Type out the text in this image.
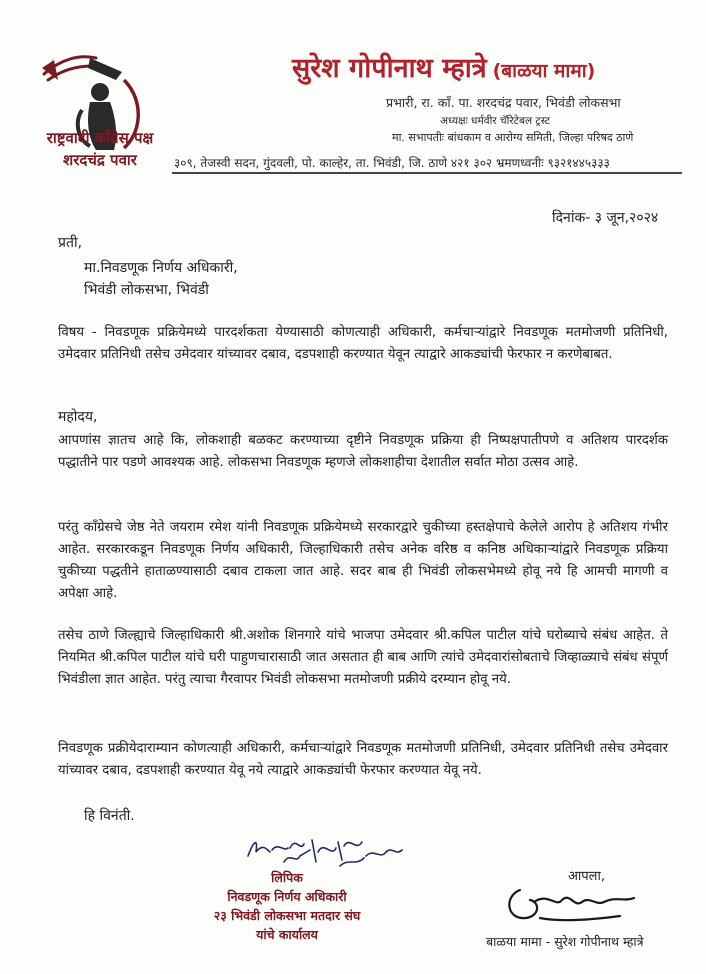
राष्ट्रवादी काँग्रेस पक्ष
शरदचंद्र पवार
सुरेश गोपीनाथ म्हात्रे (बाळया मामा)
प्रभारी, रा. काँ. पा. शरदचंद्र पवार, भिवंडी लोकसभा
अध्यक्षः धर्मवीर चॅरिटेबल ट्रस्ट
मा. सभापतीः बांधकाम व आरोग्य समिती, जिल्हा परिषद ठाणे
३०९, तेजस्वी सदन, गुंदवली, पो. काल्हेर, ता. भिवंडी, जि. ठाणे ४२१ ३०२ भ्रमणध्वनीः ९३२१४४५३३३
दिनांक- ३ जून,२०२४
प्रती,
मा.निवडणूक निर्णय अधिकारी,
भिवंडी लोकसभा, भिवंडी
विषय - निवडणूक प्रक्रियेमध्ये पारदर्शकता येण्यासाठी कोणत्याही अधिकारी, कर्मचाऱ्यांद्वारे निवडणूक मतमोजणी प्रतिनिधी, उमेदवार प्रतिनिधी तसेच उमेदवार यांच्यावर दबाव, दडपशाही करण्यात येवून त्याद्वारे आकड्यांची फेरफार न करणेबाबत.
महोदय,
आपणांस ज्ञातच आहे कि, लोकशाही बळकट करण्याच्या दृष्टीने निवडणूक प्रक्रिया ही निष्पक्षपातीपणे व अतिशय पारदर्शक पद्धातीने पार पडणे आवश्यक आहे. लोकसभा निवडणूक म्हणजे लोकशाहीचा देशातील सर्वात मोठा उत्सव आहे.
परंतु काँग्रेसचे जेष्ठ नेते जयराम रमेश यांनी निवडणूक प्रक्रियेमध्ये सरकारद्वारे चुकीच्या हस्तक्षेपाचे केलेले आरोप हे अतिशय गंभीर आहेत. सरकारकडून निवडणूक निर्णय अधिकारी, जिल्हाधिकारी तसेच अनेक वरिष्ठ व कनिष्ठ अधिकाऱ्यांद्वारे निवडणूक प्रक्रिया चुकीच्या पद्धतीने हाताळण्यासाठी दबाव टाकला जात आहे. सदर बाब ही भिवंडी लोकसभेमध्ये होवू नये हि आमची मागणी व अपेक्षा आहे.
तसेच ठाणे जिल्ह्याचे जिल्हाधिकारी श्री.अशोक शिनगारे यांचे भाजपा उमेदवार श्री.कपिल पाटील यांचे घरोब्याचे संबंध आहेत. ते नियमित श्री.कपिल पाटील यांचे घरी पाहुणचारासाठी जात असतात ही बाब आणि त्यांचे उमेदवारांसोबताचे जिव्हाळ्याचे संबंध संपूर्ण भिवंडीला ज्ञात आहेत. परंतु त्याचा गैरवापर भिवंडी लोकसभा मतमोजणी प्रक्रीये दरम्यान होवू नये.
निवडणूक प्रक्रीयेदाराम्यान कोणत्याही अधिकारी, कर्मचाऱ्यांद्वारे निवडणूक मतमोजणी प्रतिनिधी, उमेदवार प्रतिनिधी तसेच उमेदवार यांच्यावर दबाव, दडपशाही करण्यात येवू नये त्याद्वारे आकड्यांची फेरफार करण्यात येवू नये.
हि विनंती.
लिपिक
निवडणूक निर्णय अधिकारी
२३ भिवंडी लोकसभा मतदार संघ
यांचे कार्यालय
आपला,
बाळया मामा - सुरेश गोपीनाथ म्हात्रे
